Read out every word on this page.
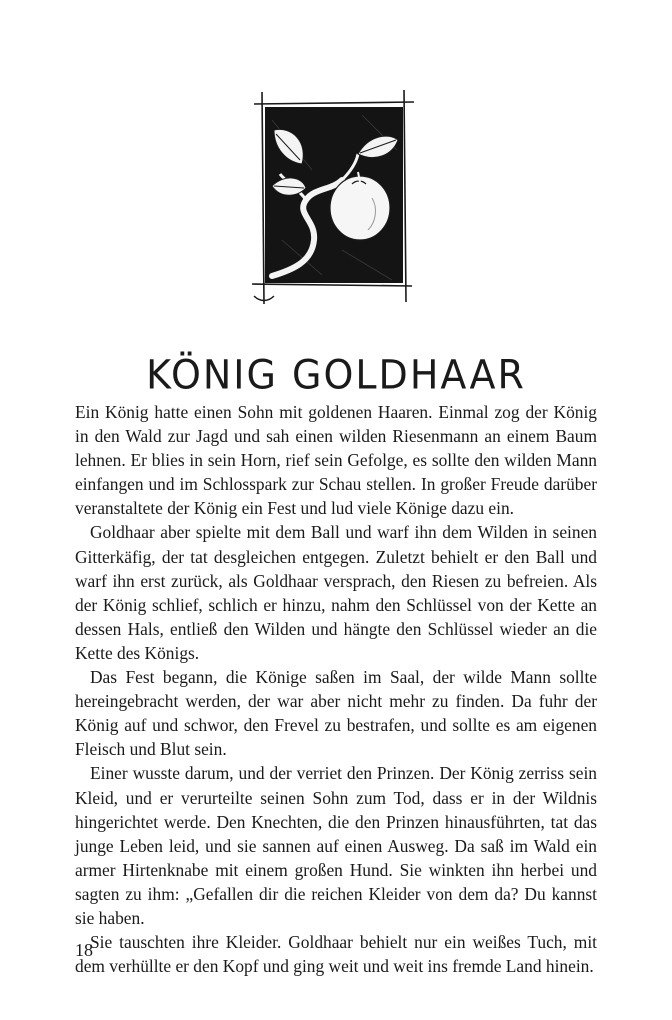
KÖNIG GOLDHAAR

Ein König hatte einen Sohn mit goldenen Haaren. Einmal zog der König in den Wald zur Jagd und sah einen wilden Riesenmann an einem Baum lehnen. Er blies in sein Horn, rief sein Gefolge, es sollte den wilden Mann einfangen und im Schlosspark zur Schau stellen. In großer Freude darüber veranstaltete der König ein Fest und lud viele Könige dazu ein.

Goldhaar aber spielte mit dem Ball und warf ihn dem Wilden in seinen Gitterkäfig, der tat desgleichen entgegen. Zuletzt behielt er den Ball und warf ihn erst zurück, als Goldhaar versprach, den Riesen zu befreien. Als der König schlief, schlich er hinzu, nahm den Schlüssel von der Kette an dessen Hals, entließ den Wilden und hängte den Schlüssel wieder an die Kette des Königs.

Das Fest begann, die Könige saßen im Saal, der wilde Mann sollte hereingebracht werden, der war aber nicht mehr zu finden. Da fuhr der König auf und schwor, den Frevel zu bestrafen, und sollte es am eigenen Fleisch und Blut sein.

Einer wusste darum, und der verriet den Prinzen. Der König zerriss sein Kleid, und er verurteilte seinen Sohn zum Tod, dass er in der Wildnis hingerichtet werde. Den Knechten, die den Prinzen hinausführten, tat das junge Leben leid, und sie sannen auf einen Ausweg. Da saß im Wald ein armer Hirtenknabe mit einem großen Hund. Sie winkten ihn herbei und sagten zu ihm: „Gefallen dir die reichen Kleider von dem da? Du kannst sie haben.

Sie tauschten ihre Kleider. Goldhaar behielt nur ein weißes Tuch, mit dem verhüllte er den Kopf und ging weit und weit ins fremde Land hinein.

18
